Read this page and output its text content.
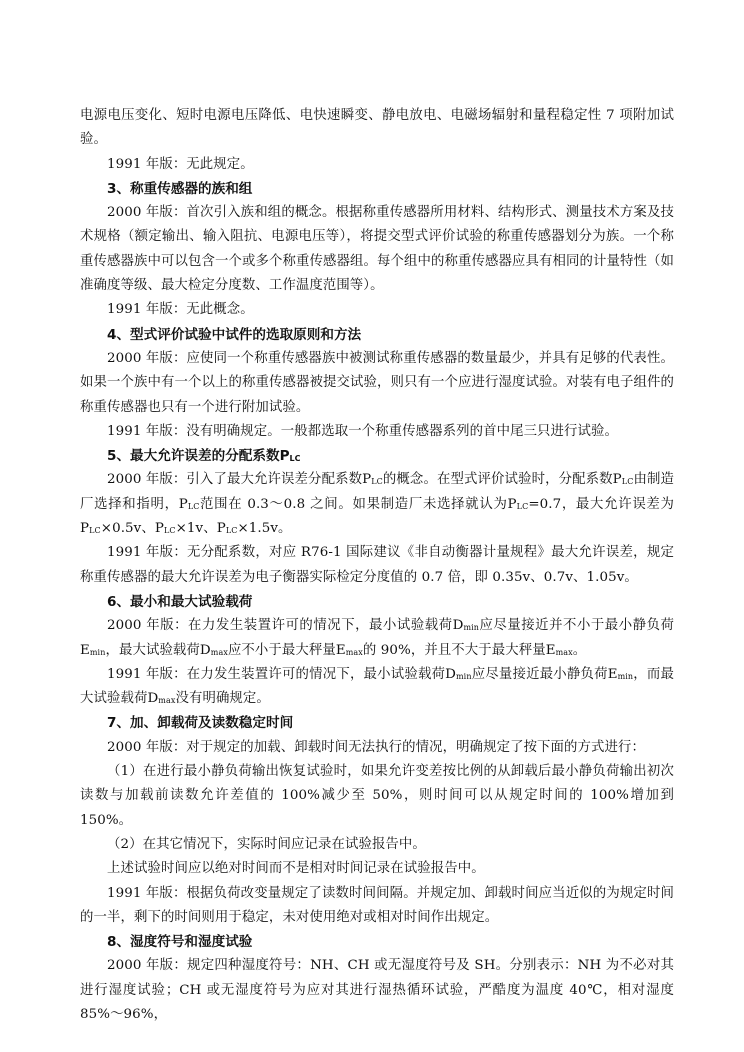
电源电压变化、短时电源电压降低、电快速瞬变、静电放电、电磁场辐射和量程稳定性 7 项附加试验。

1991 年版：无此规定。

3、称重传感器的族和组

2000 年版：首次引入族和组的概念。根据称重传感器所用材料、结构形式、测量技术方案及技术规格（额定输出、输入阻抗、电源电压等），将提交型式评价试验的称重传感器划分为族。一个称重传感器族中可以包含一个或多个称重传感器组。每个组中的称重传感器应具有相同的计量特性（如准确度等级、最大检定分度数、工作温度范围等）。

1991 年版：无此概念。

4、型式评价试验中试件的选取原则和方法

2000 年版：应使同一个称重传感器族中被测试称重传感器的数量最少，并具有足够的代表性。如果一个族中有一个以上的称重传感器被提交试验，则只有一个应进行湿度试验。对装有电子组件的称重传感器也只有一个进行附加试验。

1991 年版：没有明确规定。一般都选取一个称重传感器系列的首中尾三只进行试验。

5、最大允许误差的分配系数$P_{LC}$

2000 年版：引入了最大允许误差分配系数$P_{LC}$的概念。在型式评价试验时，分配系数$P_{LC}$由制造厂选择和指明，$P_{LC}$范围在 0.3～0.8 之间。如果制造厂未选择就认为$P_{LC}=0.7$，最大允许误差为$P_{LC}\times 0.5v$、$P_{LC}\times 1v$、$P_{LC}\times 1.5v$。

1991 年版：无分配系数，对应 R76-1 国际建议《非自动衡器计量规程》最大允许误差，规定称重传感器的最大允许误差为电子衡器实际检定分度值的 0.7 倍，即 0.35v、0.7v、1.05v。

6、最小和最大试验载荷

2000 年版：在力发生装置许可的情况下，最小试验载荷$D_{min}$应尽量接近并不小于最小静负荷$E_{min}$，最大试验载荷$D_{max}$应不小于最大秤量$E_{max}$的 90%，并且不大于最大秤量$E_{max}$。

1991 年版：在力发生装置许可的情况下，最小试验载荷$D_{min}$应尽量接近最小静负荷$E_{min}$，而最大试验载荷$D_{max}$没有明确规定。

7、加、卸载荷及读数稳定时间

2000 年版：对于规定的加载、卸载时间无法执行的情况，明确规定了按下面的方式进行：

（1）在进行最小静负荷输出恢复试验时，如果允许变差按比例的从卸载后最小静负荷输出初次读数与加载前读数允许差值的 100%减少至 50%，则时间可以从规定时间的 100%增加到 150%。

（2）在其它情况下，实际时间应记录在试验报告中。

上述试验时间应以绝对时间而不是相对时间记录在试验报告中。

1991 年版：根据负荷改变量规定了读数时间间隔。并规定加、卸载时间应当近似的为规定时间的一半，剩下的时间则用于稳定，未对使用绝对或相对时间作出规定。

8、湿度符号和湿度试验

2000 年版：规定四种湿度符号：NH、CH 或无湿度符号及 SH。分别表示：NH 为不必对其进行湿度试验；CH 或无湿度符号为应对其进行湿热循环试验，严酷度为温度 40℃，相对湿度 85%～96%，
